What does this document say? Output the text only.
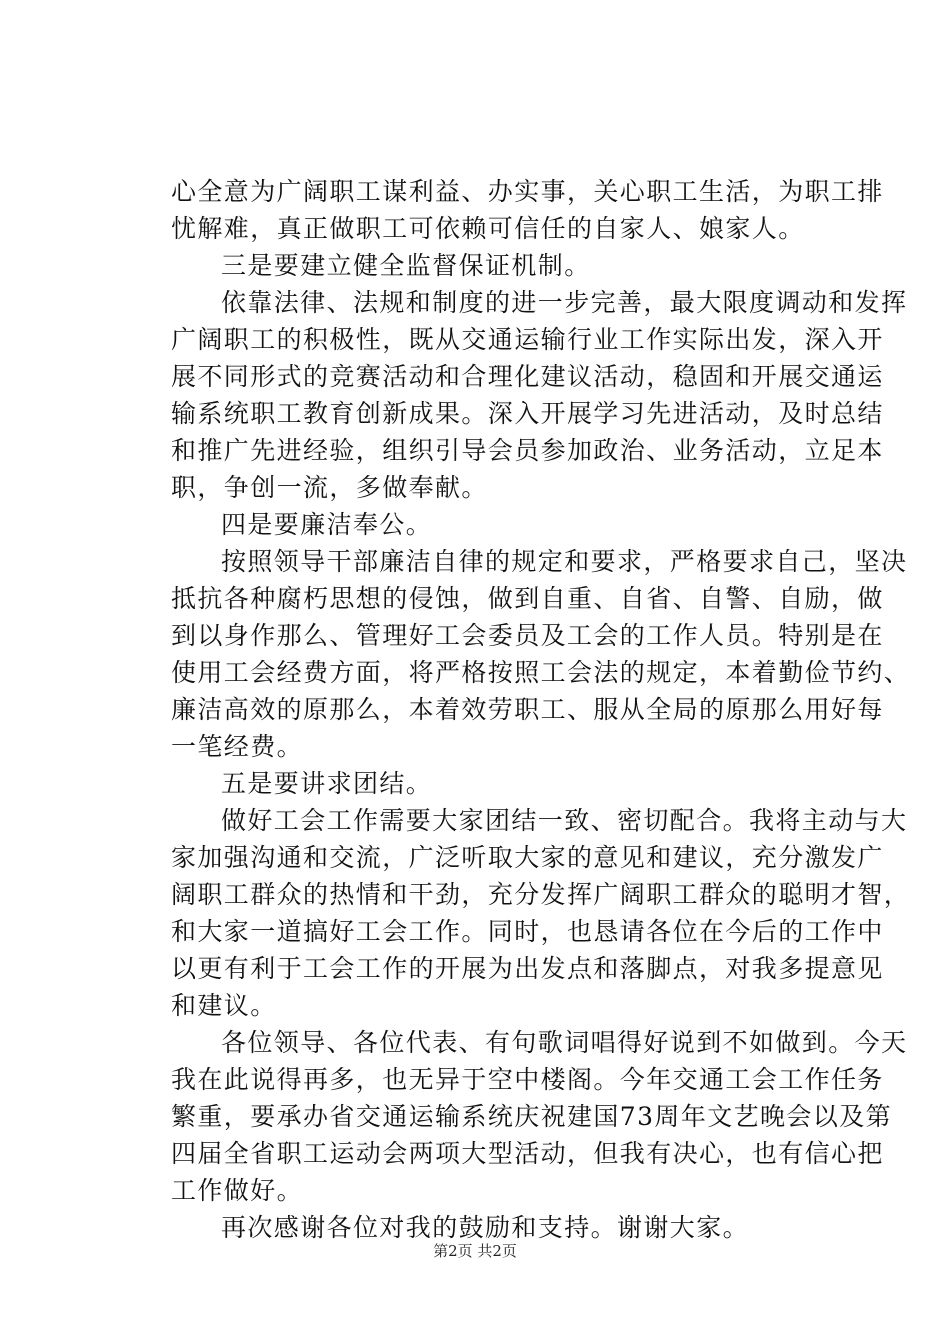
心全意为广阔职工谋利益、办实事，关心职工生活，为职工排
忧解难，真正做职工可依赖可信任的自家人、娘家人。
三是要建立健全监督保证机制。
依靠法律、法规和制度的进一步完善，最大限度调动和发挥
广阔职工的积极性，既从交通运输行业工作实际出发，深入开
展不同形式的竞赛活动和合理化建议活动，稳固和开展交通运
输系统职工教育创新成果。深入开展学习先进活动，及时总结
和推广先进经验，组织引导会员参加政治、业务活动，立足本
职，争创一流，多做奉献。
四是要廉洁奉公。
按照领导干部廉洁自律的规定和要求，严格要求自己，坚决
抵抗各种腐朽思想的侵蚀，做到自重、自省、自警、自励，做
到以身作那么、管理好工会委员及工会的工作人员。特别是在
使用工会经费方面，将严格按照工会法的规定，本着勤俭节约、
廉洁高效的原那么，本着效劳职工、服从全局的原那么用好每
一笔经费。
五是要讲求团结。
做好工会工作需要大家团结一致、密切配合。我将主动与大
家加强沟通和交流，广泛听取大家的意见和建议，充分激发广
阔职工群众的热情和干劲，充分发挥广阔职工群众的聪明才智，
和大家一道搞好工会工作。同时，也恳请各位在今后的工作中
以更有利于工会工作的开展为出发点和落脚点，对我多提意见
和建议。
各位领导、各位代表、有句歌词唱得好说到不如做到。今天
我在此说得再多，也无异于空中楼阁。今年交通工会工作任务
繁重，要承办省交通运输系统庆祝建国73周年文艺晚会以及第
四届全省职工运动会两项大型活动，但我有决心，也有信心把
工作做好。
再次感谢各位对我的鼓励和支持。谢谢大家。
第2页 共2页
